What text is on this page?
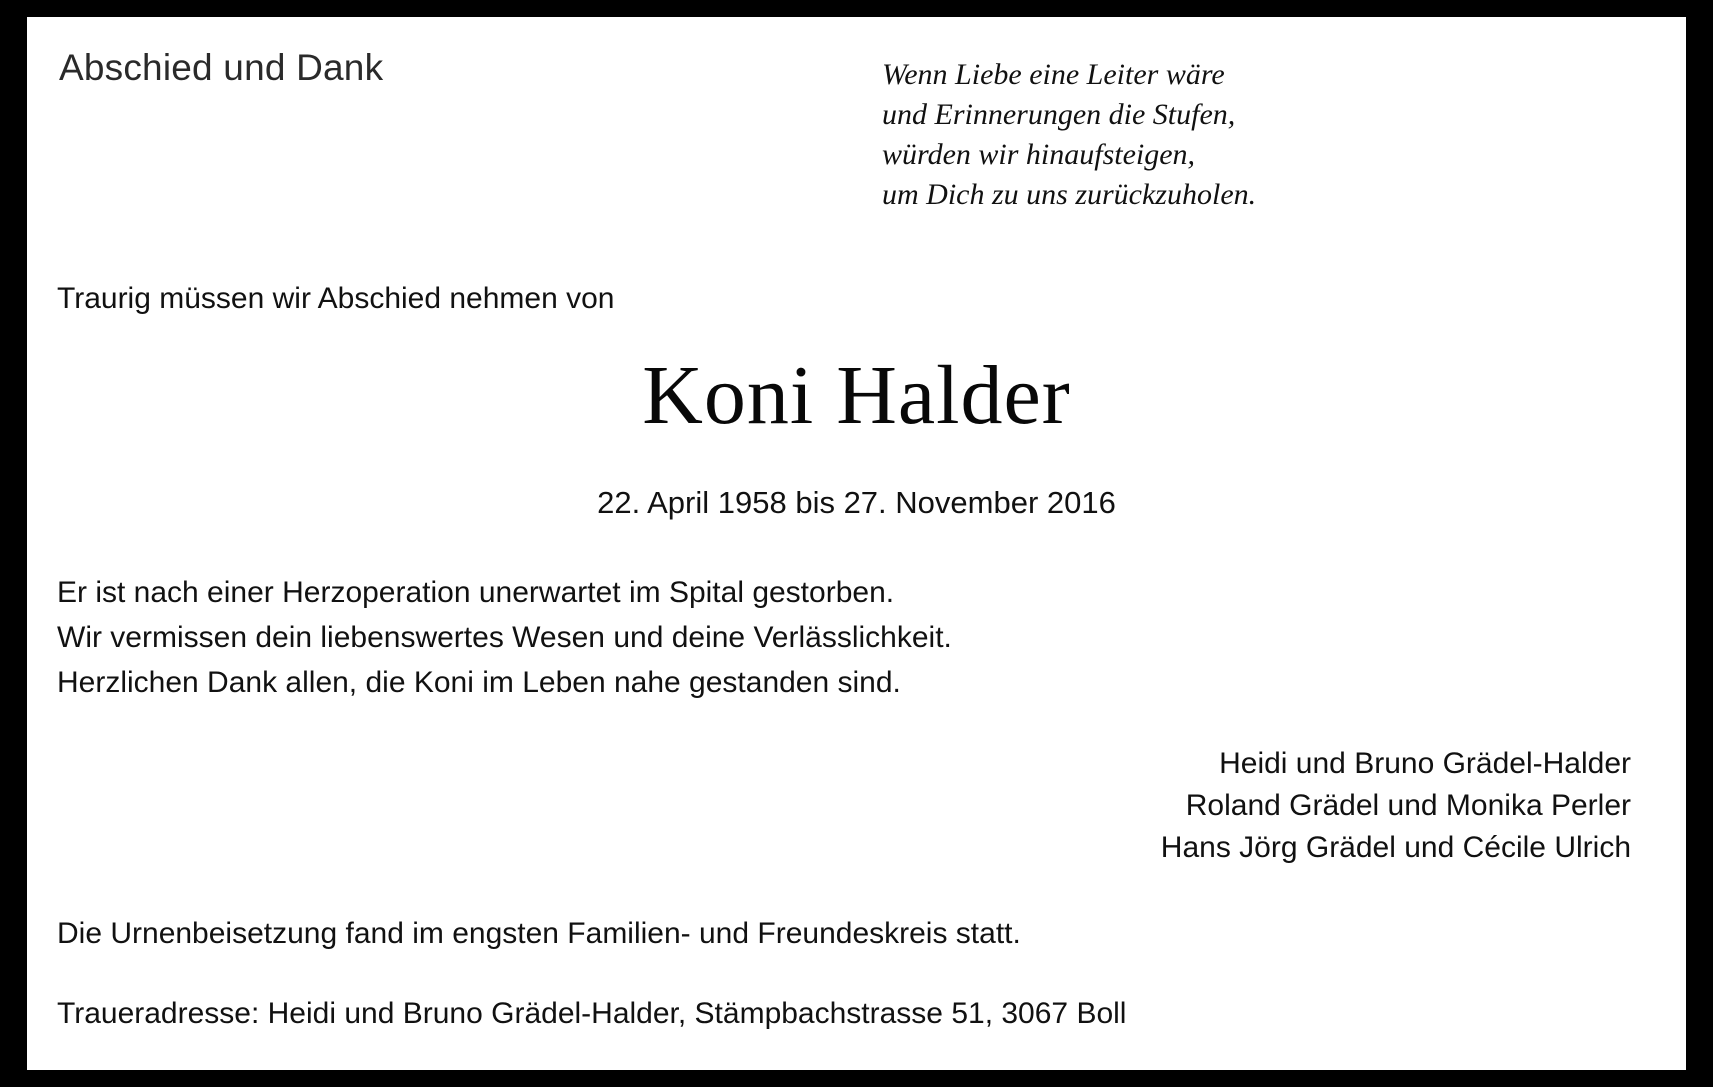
Abschied und Dank	Wenn Liebe eine Leiter wäre
und Erinnerungen die Stufen,
würden wir hinaufsteigen,
um Dich zu uns zurückzuholen.
Traurig müssen wir Abschied nehmen von
Koni Halder
22. April 1958 bis 27. November 2016
Er ist nach einer Herzoperation unerwartet im Spital gestorben.
Wir vermissen dein liebenswertes Wesen und deine Verlässlichkeit.
Herzlichen Dank allen, die Koni im Leben nahe gestanden sind.
Heidi und Bruno Grädel-Halder
Roland Grädel und Monika Perler
Hans Jörg Grädel und Cécile Ulrich
Die Urnenbeisetzung fand im engsten Familien- und Freundeskreis statt.
Traueradresse: Heidi und Bruno Grädel-Halder, Stämpbachstrasse 51, 3067 Boll
